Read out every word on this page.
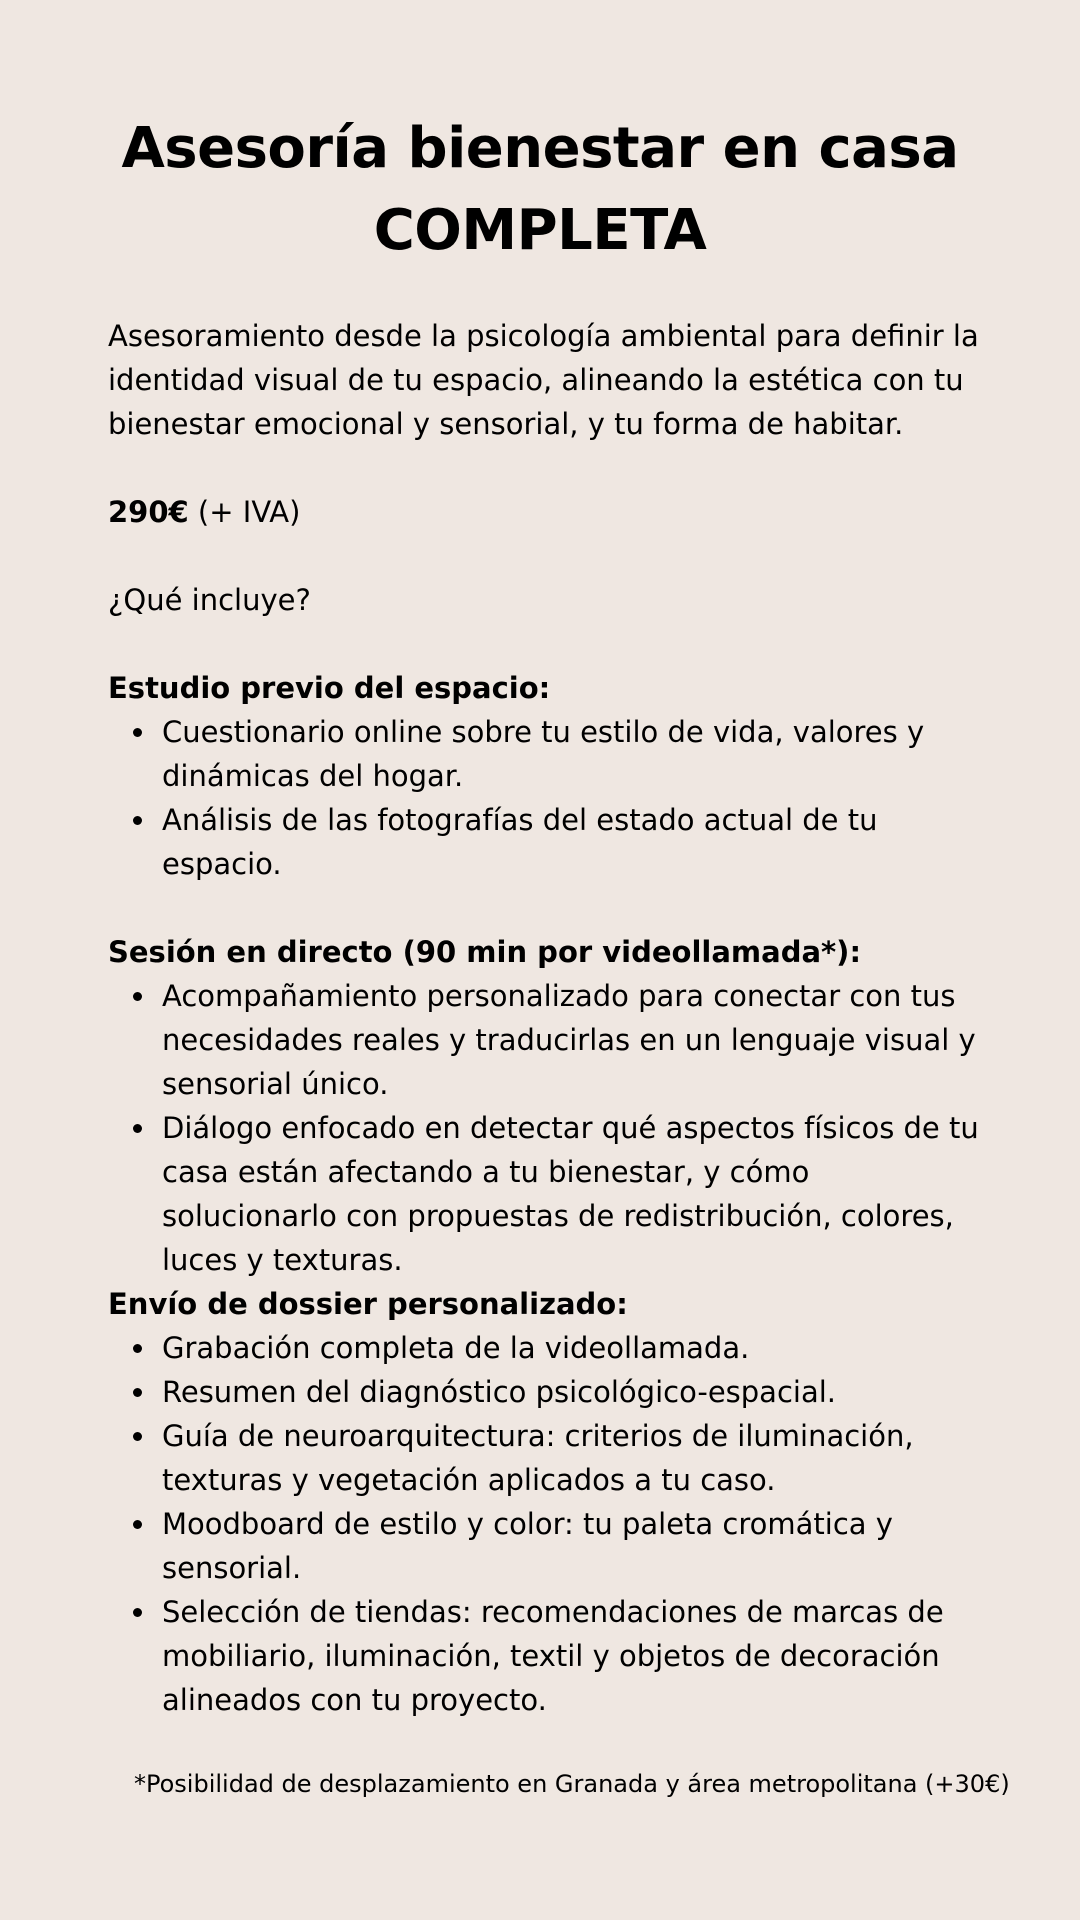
Asesoría bienestar en casa
COMPLETA

Asesoramiento desde la psicología ambiental para definir la identidad visual de tu espacio, alineando la estética con tu bienestar emocional y sensorial, y tu forma de habitar.

290€ (+ IVA)

¿Qué incluye?

Estudio previo del espacio:
Cuestionario online sobre tu estilo de vida, valores y dinámicas del hogar.
Análisis de las fotografías del estado actual de tu espacio.
Sesión en directo (90 min por videollamada*):
Acompañamiento personalizado para conectar con tus necesidades reales y traducirlas en un lenguaje visual y sensorial único.
Diálogo enfocado en detectar qué aspectos físicos de tu casa están afectando a tu bienestar, y cómo solucionarlo con propuestas de redistribución, colores, luces y texturas.
Envío de dossier personalizado:
Grabación completa de la videollamada.
Resumen del diagnóstico psicológico-espacial.
Guía de neuroarquitectura: criterios de iluminación, texturas y vegetación aplicados a tu caso.
Moodboard de estilo y color: tu paleta cromática y sensorial.
Selección de tiendas: recomendaciones de marcas de mobiliario, iluminación, textil y objetos de decoración alineados con tu proyecto.

*Posibilidad de desplazamiento en Granada y área metropolitana (+30€)
